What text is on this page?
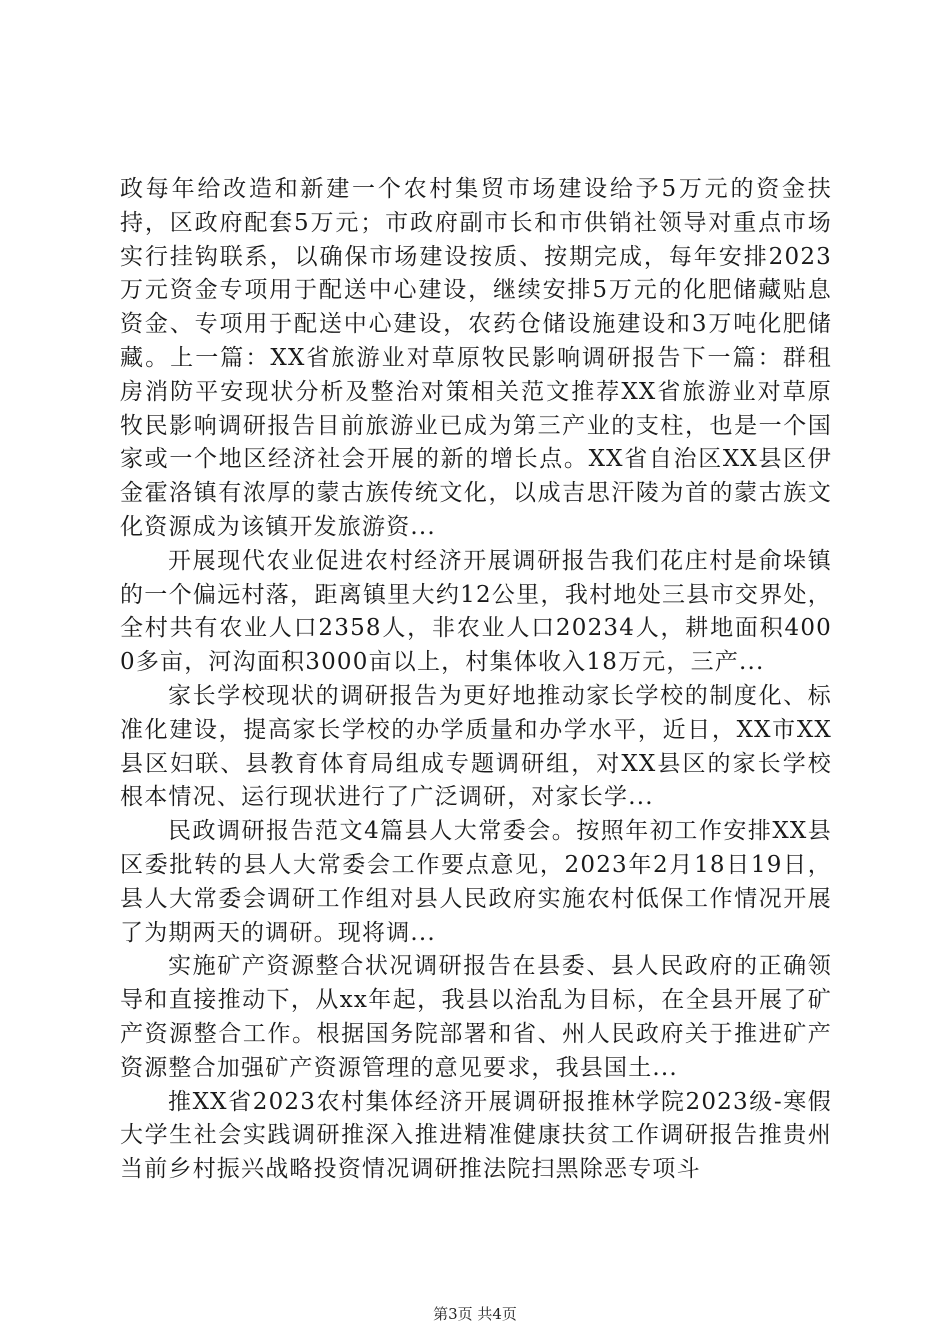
政每年给改造和新建一个农村集贸市场建设给予5万元的资金扶持，区政府配套5万元；市政府副市长和市供销社领导对重点市场实行挂钩联系，以确保市场建设按质、按期完成，每年安排2023万元资金专项用于配送中心建设，继续安排5万元的化肥储藏贴息资金、专项用于配送中心建设，农药仓储设施建设和3万吨化肥储藏。上一篇：XX省旅游业对草原牧民影响调研报告下一篇：群租房消防平安现状分析及整治对策相关范文推荐XX省旅游业对草原牧民影响调研报告目前旅游业已成为第三产业的支柱，也是一个国家或一个地区经济社会开展的新的增长点。XX省自治区XX县区伊金霍洛镇有浓厚的蒙古族传统文化，以成吉思汗陵为首的蒙古族文化资源成为该镇开发旅游资...

开展现代农业促进农村经济开展调研报告我们花庄村是俞垛镇的一个偏远村落，距离镇里大约12公里，我村地处三县市交界处，全村共有农业人口2358人，非农业人口20234人，耕地面积4000多亩，河沟面积3000亩以上，村集体收入18万元，三产...

家长学校现状的调研报告为更好地推动家长学校的制度化、标准化建设，提高家长学校的办学质量和办学水平，近日，XX市XX县区妇联、县教育体育局组成专题调研组，对XX县区的家长学校根本情况、运行现状进行了广泛调研，对家长学...

民政调研报告范文4篇县人大常委会。按照年初工作安排XX县区委批转的县人大常委会工作要点意见，2023年2月18日19日，县人大常委会调研工作组对县人民政府实施农村低保工作情况开展了为期两天的调研。现将调...

实施矿产资源整合状况调研报告在县委、县人民政府的正确领导和直接推动下，从xx年起，我县以治乱为目标，在全县开展了矿产资源整合工作。根据国务院部署和省、州人民政府关于推进矿产资源整合加强矿产资源管理的意见要求，我县国土...

推XX省2023农村集体经济开展调研报推林学院2023级-寒假大学生社会实践调研推深入推进精准健康扶贫工作调研报告推贵州当前乡村振兴战略投资情况调研推法院扫黑除恶专项斗

第3页 共4页
